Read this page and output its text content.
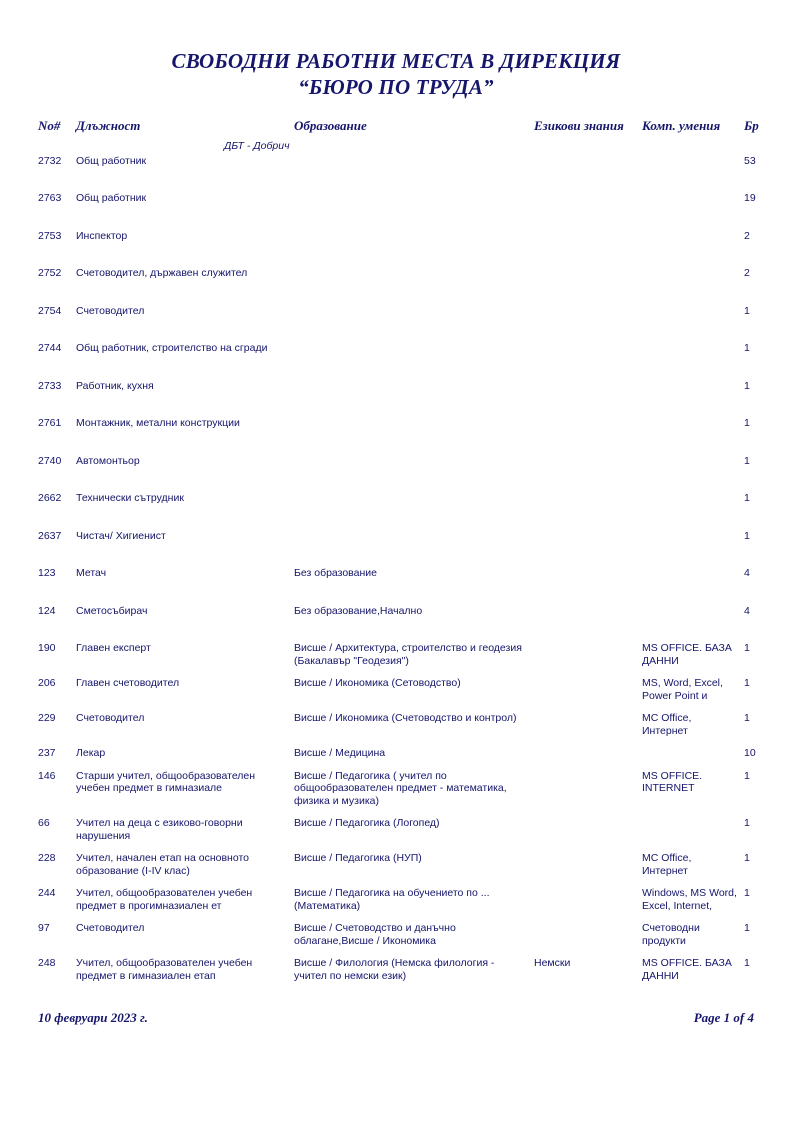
СВОБОДНИ РАБОТНИ МЕСТА В ДИРЕКЦИЯ
“БЮРО ПО ТРУДА”
No#	Длъжност	Образование	Езикови знания	Комп. умения	Бр
ДБТ - Добрич					
2732	Общ работник				53
2763	Общ работник				19
2753	Инспектор				2
2752	Счетоводител, държавен служител				2
2754	Счетоводител				1
2744	Общ работник, строителство на сгради				1
2733	Работник, кухня				1
2761	Монтажник, метални конструкции				1
2740	Автомонтьор				1
2662	Технически сътрудник				1
2637	Чистач/ Хигиенист				1
123	Метач	Без образование			4
124	Сметосъбирач	Без образование,Начално			4
190	Главен експерт	Висше / Архитектура, строителство и геодезия (Бакалавър "Геодезия")		MS OFFICE. БАЗА ДАННИ	1
206	Главен счетоводител	Висше / Икономика (Сетоводство)		MS, Word, Excel, Power Point и	1
229	Счетоводител	Висше / Икономика (Счетоводство и контрол)		MC Office, Интернет	1
237	Лекар	Висше / Медицина			10
146	Старши учител, общообразователен учебен предмет в гимназиале	Висше / Педагогика ( учител по общообразователен предмет - математика, физика и музика)		MS OFFICE. INTERNET	1
66	Учител на деца с езиково-говорни нарушения	Висше / Педагогика (Логопед)			1
228	Учител, начален етап на основното образование (I-IV клас)	Висше / Педагогика (НУП)		MC Office, Интернет	1
244	Учител, общообразователен учебен предмет в прогимназиален ет	Висше / Педагогика на обучението по ... (Математика)		Windows, MS Word, Excel, Internet,	1
97	Счетоводител	Висше / Счетоводство и данъчно облагане,Висше / Икономика		Счетоводни продукти	1
248	Учител, общообразователен учебен предмет в гимназиален етап	Висше / Филология (Немска филология - учител по немски език)	Немски	MS OFFICE. БАЗА ДАННИ	1
10 февруари 2023 г.	Page 1 of 4
